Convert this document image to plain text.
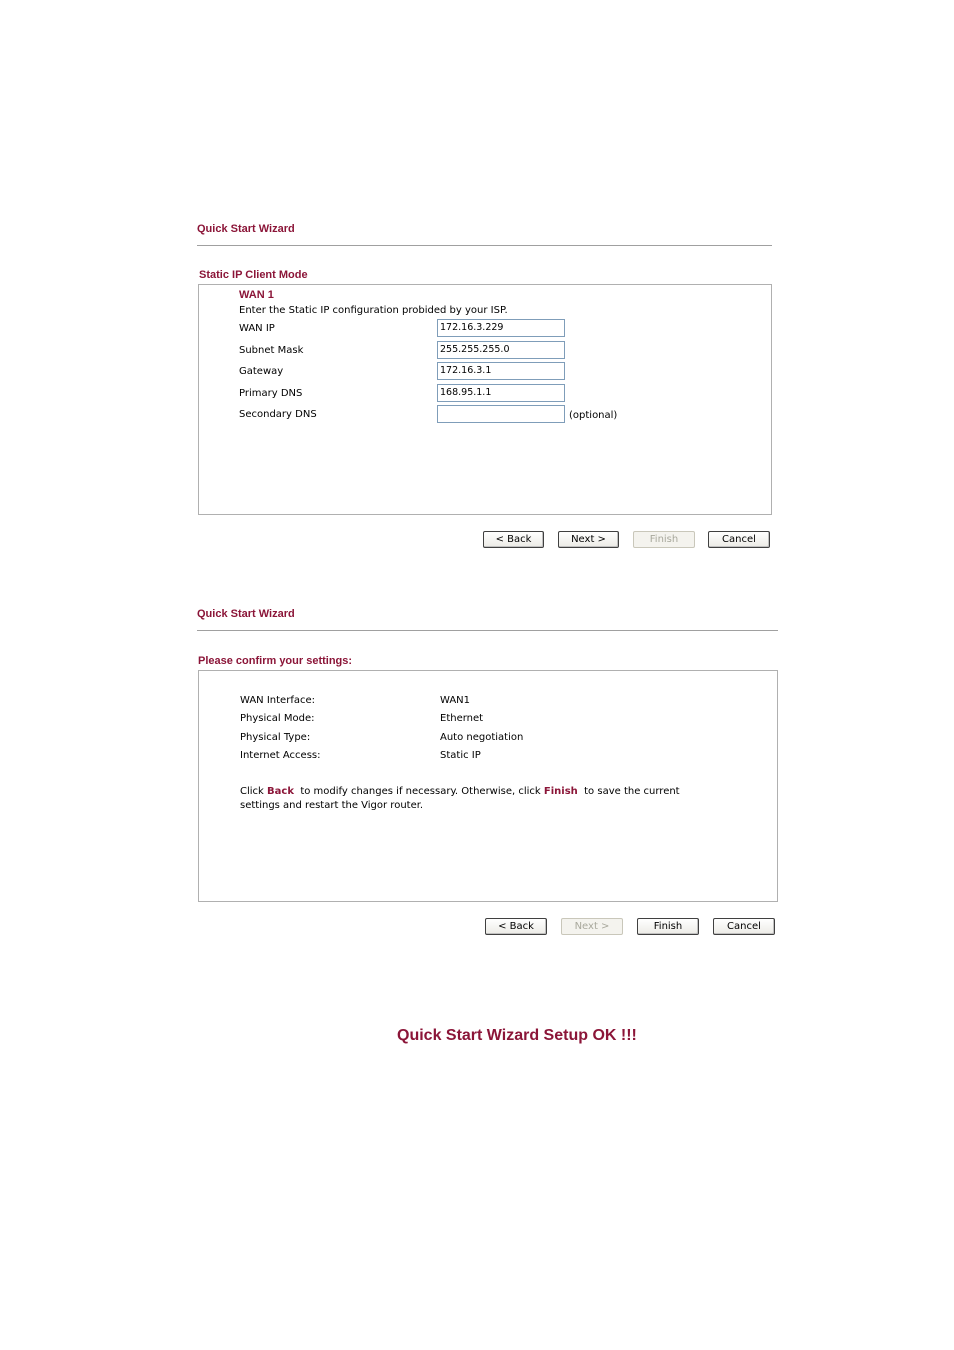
Quick Start Wizard
Static IP Client Mode
WAN 1
Enter the Static IP configuration probided by your ISP.
WAN IP	172.16.3.229
Subnet Mask	255.255.255.0
Gateway	172.16.3.1
Primary DNS	168.95.1.1
Secondary DNS	(optional)
< Back	Next >	Finish	Cancel
Quick Start Wizard
Please confirm your settings:
WAN Interface:	WAN1
Physical Mode:	Ethernet
Physical Type:	Auto negotiation
Internet Access:	Static IP
Click Back  to modify changes if necessary. Otherwise, click Finish  to save the current
settings and restart the Vigor router.
< Back	Next >	Finish	Cancel
Quick Start Wizard Setup OK !!!
